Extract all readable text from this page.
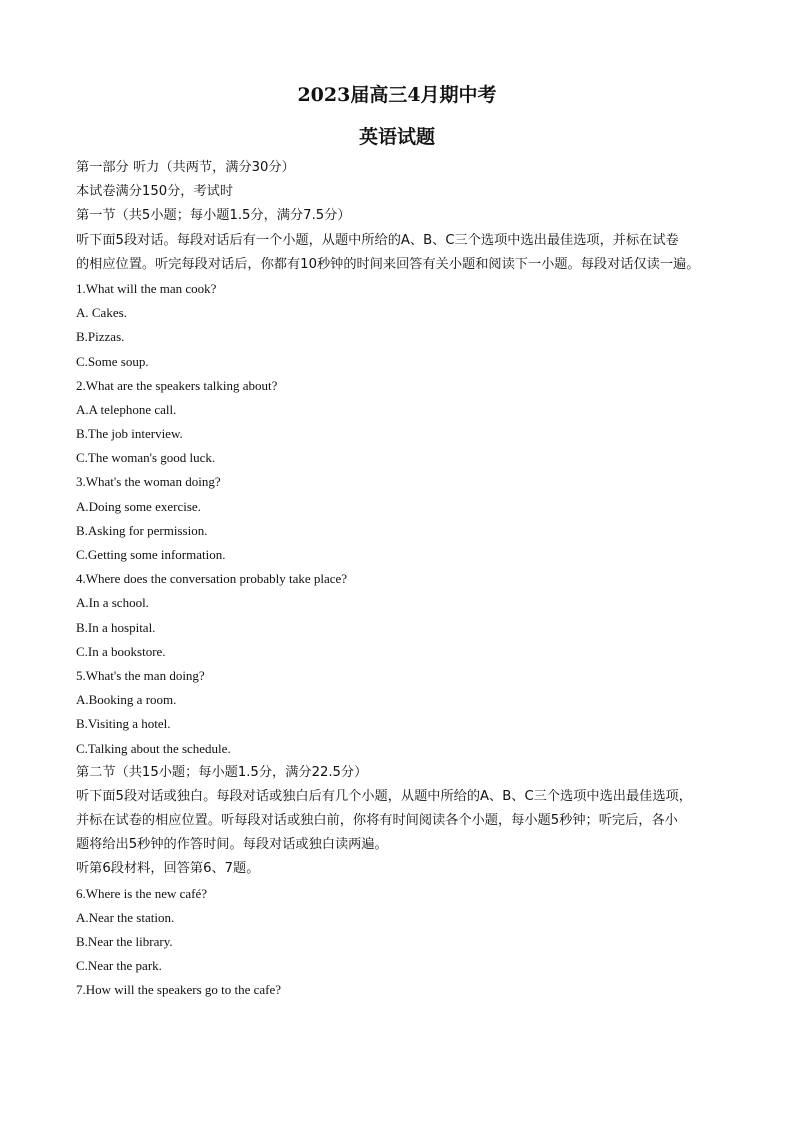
2023届高三4月期中考
英语试题
第一部分 听力（共两节，满分30分）
本试卷满分150分，考试时
第一节（共5小题；每小题1.5分，满分7.5分）
听下面5段对话。每段对话后有一个小题，从题中所给的A、B、C三个选项中选出最佳选项，并标在试卷
的相应位置。听完每段对话后，你都有10秒钟的时间来回答有关小题和阅读下一小题。每段对话仅读一遍。
1.What will the man cook?
A. Cakes.
B.Pizzas.
C.Some soup.
2.What are the speakers talking about?
A.A telephone call.
B.The job interview.
C.The woman's good luck.
3.What's the woman doing?
A.Doing some exercise.
B.Asking for permission.
C.Getting some information.
4.Where does the conversation probably take place?
A.In a school.
B.In a hospital.
C.In a bookstore.
5.What's the man doing?
A.Booking a room.
B.Visiting a hotel.
C.Talking about the schedule.
第二节（共15小题；每小题1.5分，满分22.5分）
听下面5段对话或独白。每段对话或独白后有几个小题，从题中所给的A、B、C三个选项中选出最佳选项，
并标在试卷的相应位置。听每段对话或独白前，你将有时间阅读各个小题，每小题5秒钟；听完后，各小
题将给出5秒钟的作答时间。每段对话或独白读两遍。
听第6段材料，回答第6、7题。
6.Where is the new café?
A.Near the station.
B.Near the library.
C.Near the park.
7.How will the speakers go to the cafe?
